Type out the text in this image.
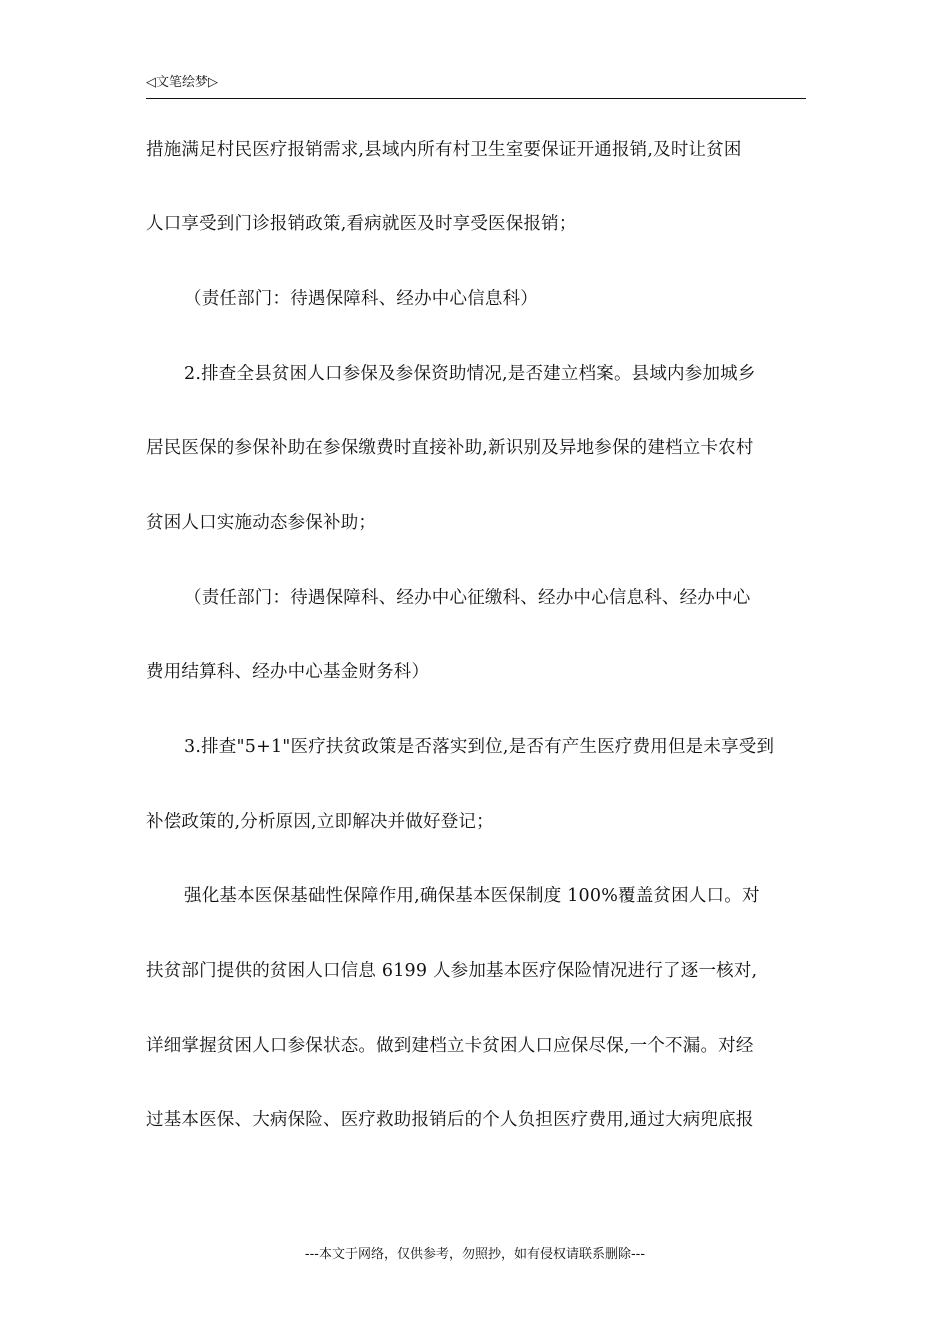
◁文笔绘梦▷

措施满足村民医疗报销需求,县域内所有村卫生室要保证开通报销,及时让贫困

人口享受到门诊报销政策,看病就医及时享受医保报销；

（责任部门：待遇保障科、经办中心信息科）

2.排查全县贫困人口参保及参保资助情况,是否建立档案。县域内参加城乡

居民医保的参保补助在参保缴费时直接补助,新识别及异地参保的建档立卡农村

贫困人口实施动态参保补助；

（责任部门：待遇保障科、经办中心征缴科、经办中心信息科、经办中心

费用结算科、经办中心基金财务科）

3.排查"5+1"医疗扶贫政策是否落实到位,是否有产生医疗费用但是未享受到

补偿政策的,分析原因,立即解决并做好登记；

强化基本医保基础性保障作用,确保基本医保制度 100%覆盖贫困人口。对

扶贫部门提供的贫困人口信息 6199 人参加基本医疗保险情况进行了逐一核对,

详细掌握贫困人口参保状态。做到建档立卡贫困人口应保尽保,一个不漏。对经

过基本医保、大病保险、医疗救助报销后的个人负担医疗费用,通过大病兜底报

---本文于网络，仅供参考，勿照抄，如有侵权请联系删除---
